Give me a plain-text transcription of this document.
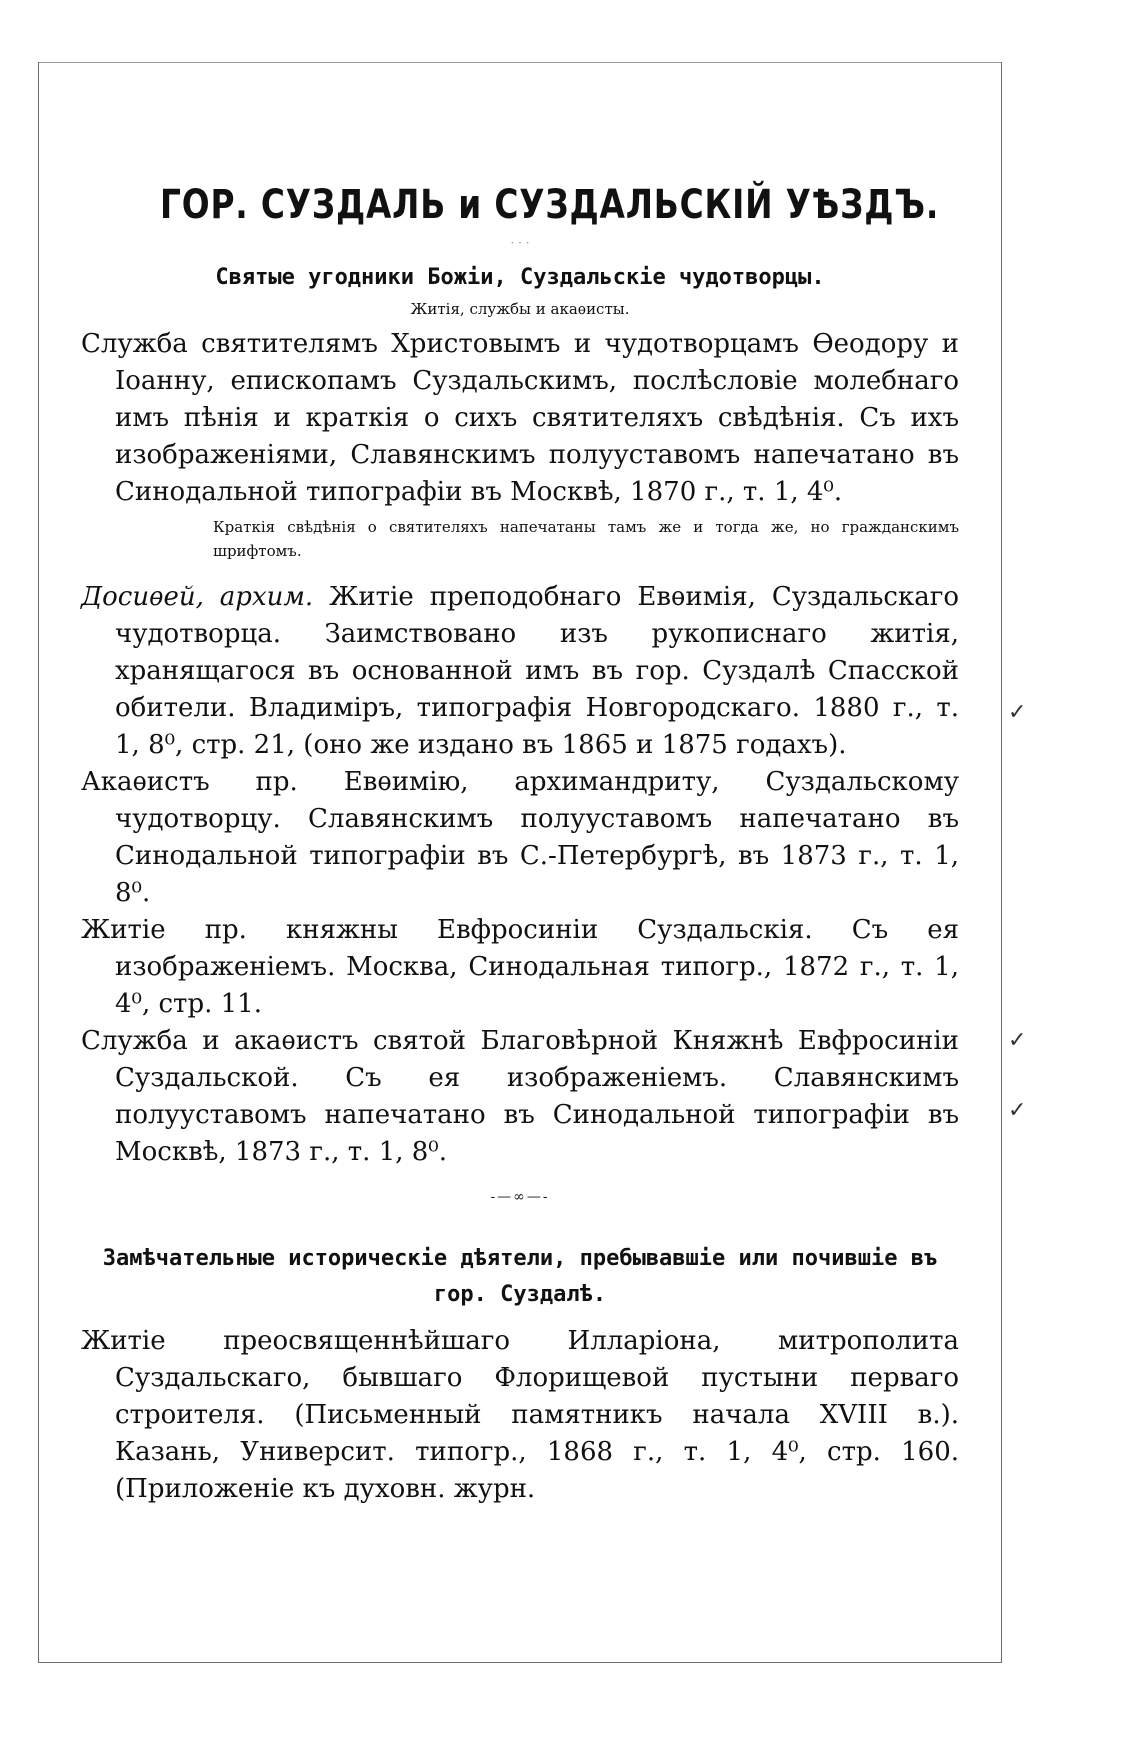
ГОР. СУЗДАЛЬ и СУЗДАЛЬСКІЙ УѢЗДЪ.
· · ·

Святые угодники Божіи, Суздальскіе чудотворцы.

Житія, службы и акаѳисты.

Служба святителямъ Христовымъ и чудотворцамъ Ѳеодору и Іоанну, епископамъ Суздальскимъ, послѣсловіе молебнаго имъ пѣнія и краткія о сихъ святителяхъ свѣдѣнія. Съ ихъ изображеніями, Славянскимъ полууставомъ напечатано въ Синодальной типографіи въ Москвѣ, 1870 г., т. 1, 4⁰.

Краткія свѣдѣнія о святителяхъ напечатаны тамъ же и тогда же, но гражданскимъ шрифтомъ.

Досиѳей, архим. Житіе преподобнаго Евѳимія, Суздальскаго чудотворца. Заимствовано изъ рукописнаго житія, хранящагося въ основанной имъ въ гор. Суздалѣ Спасской обители. Владиміръ, типографія Новгородскаго. 1880 г., т. 1, 8⁰, стр. 21, (оно же издано въ 1865 и 1875 годахъ).

Акаѳистъ пр. Евѳимію, архимандриту, Суздальскому чудотворцу. Славянскимъ полууставомъ напечатано въ Синодальной типографіи въ С.-Петербургѣ, въ 1873 г., т. 1, 8⁰.

Житіе пр. княжны Евфросиніи Суздальскія. Съ ея изображеніемъ. Москва, Синодальная типогр., 1872 г., т. 1, 4⁰, стр. 11.

Служба и акаѳистъ святой Благовѣрной Княжнѣ Евфросиніи Суздальской. Съ ея изображеніемъ. Славянскимъ полууставомъ напечатано въ Синодальной типографіи въ Москвѣ, 1873 г., т. 1, 8⁰.

-—∞—-

Замѣчательные историческіе дѣятели, пребывавшіе или почившіе въ гор. Суздалѣ.

Житіе преосвященнѣйшаго Илларіона, митрополита Суздальскаго, бывшаго Флорищевой пустыни перваго строителя. (Письменный памятникъ начала XVIII в.). Казань, Университ. типогр., 1868 г., т. 1, 4⁰, стр. 160. (Приложеніе къ духовн. журн.

✓
✓
✓
